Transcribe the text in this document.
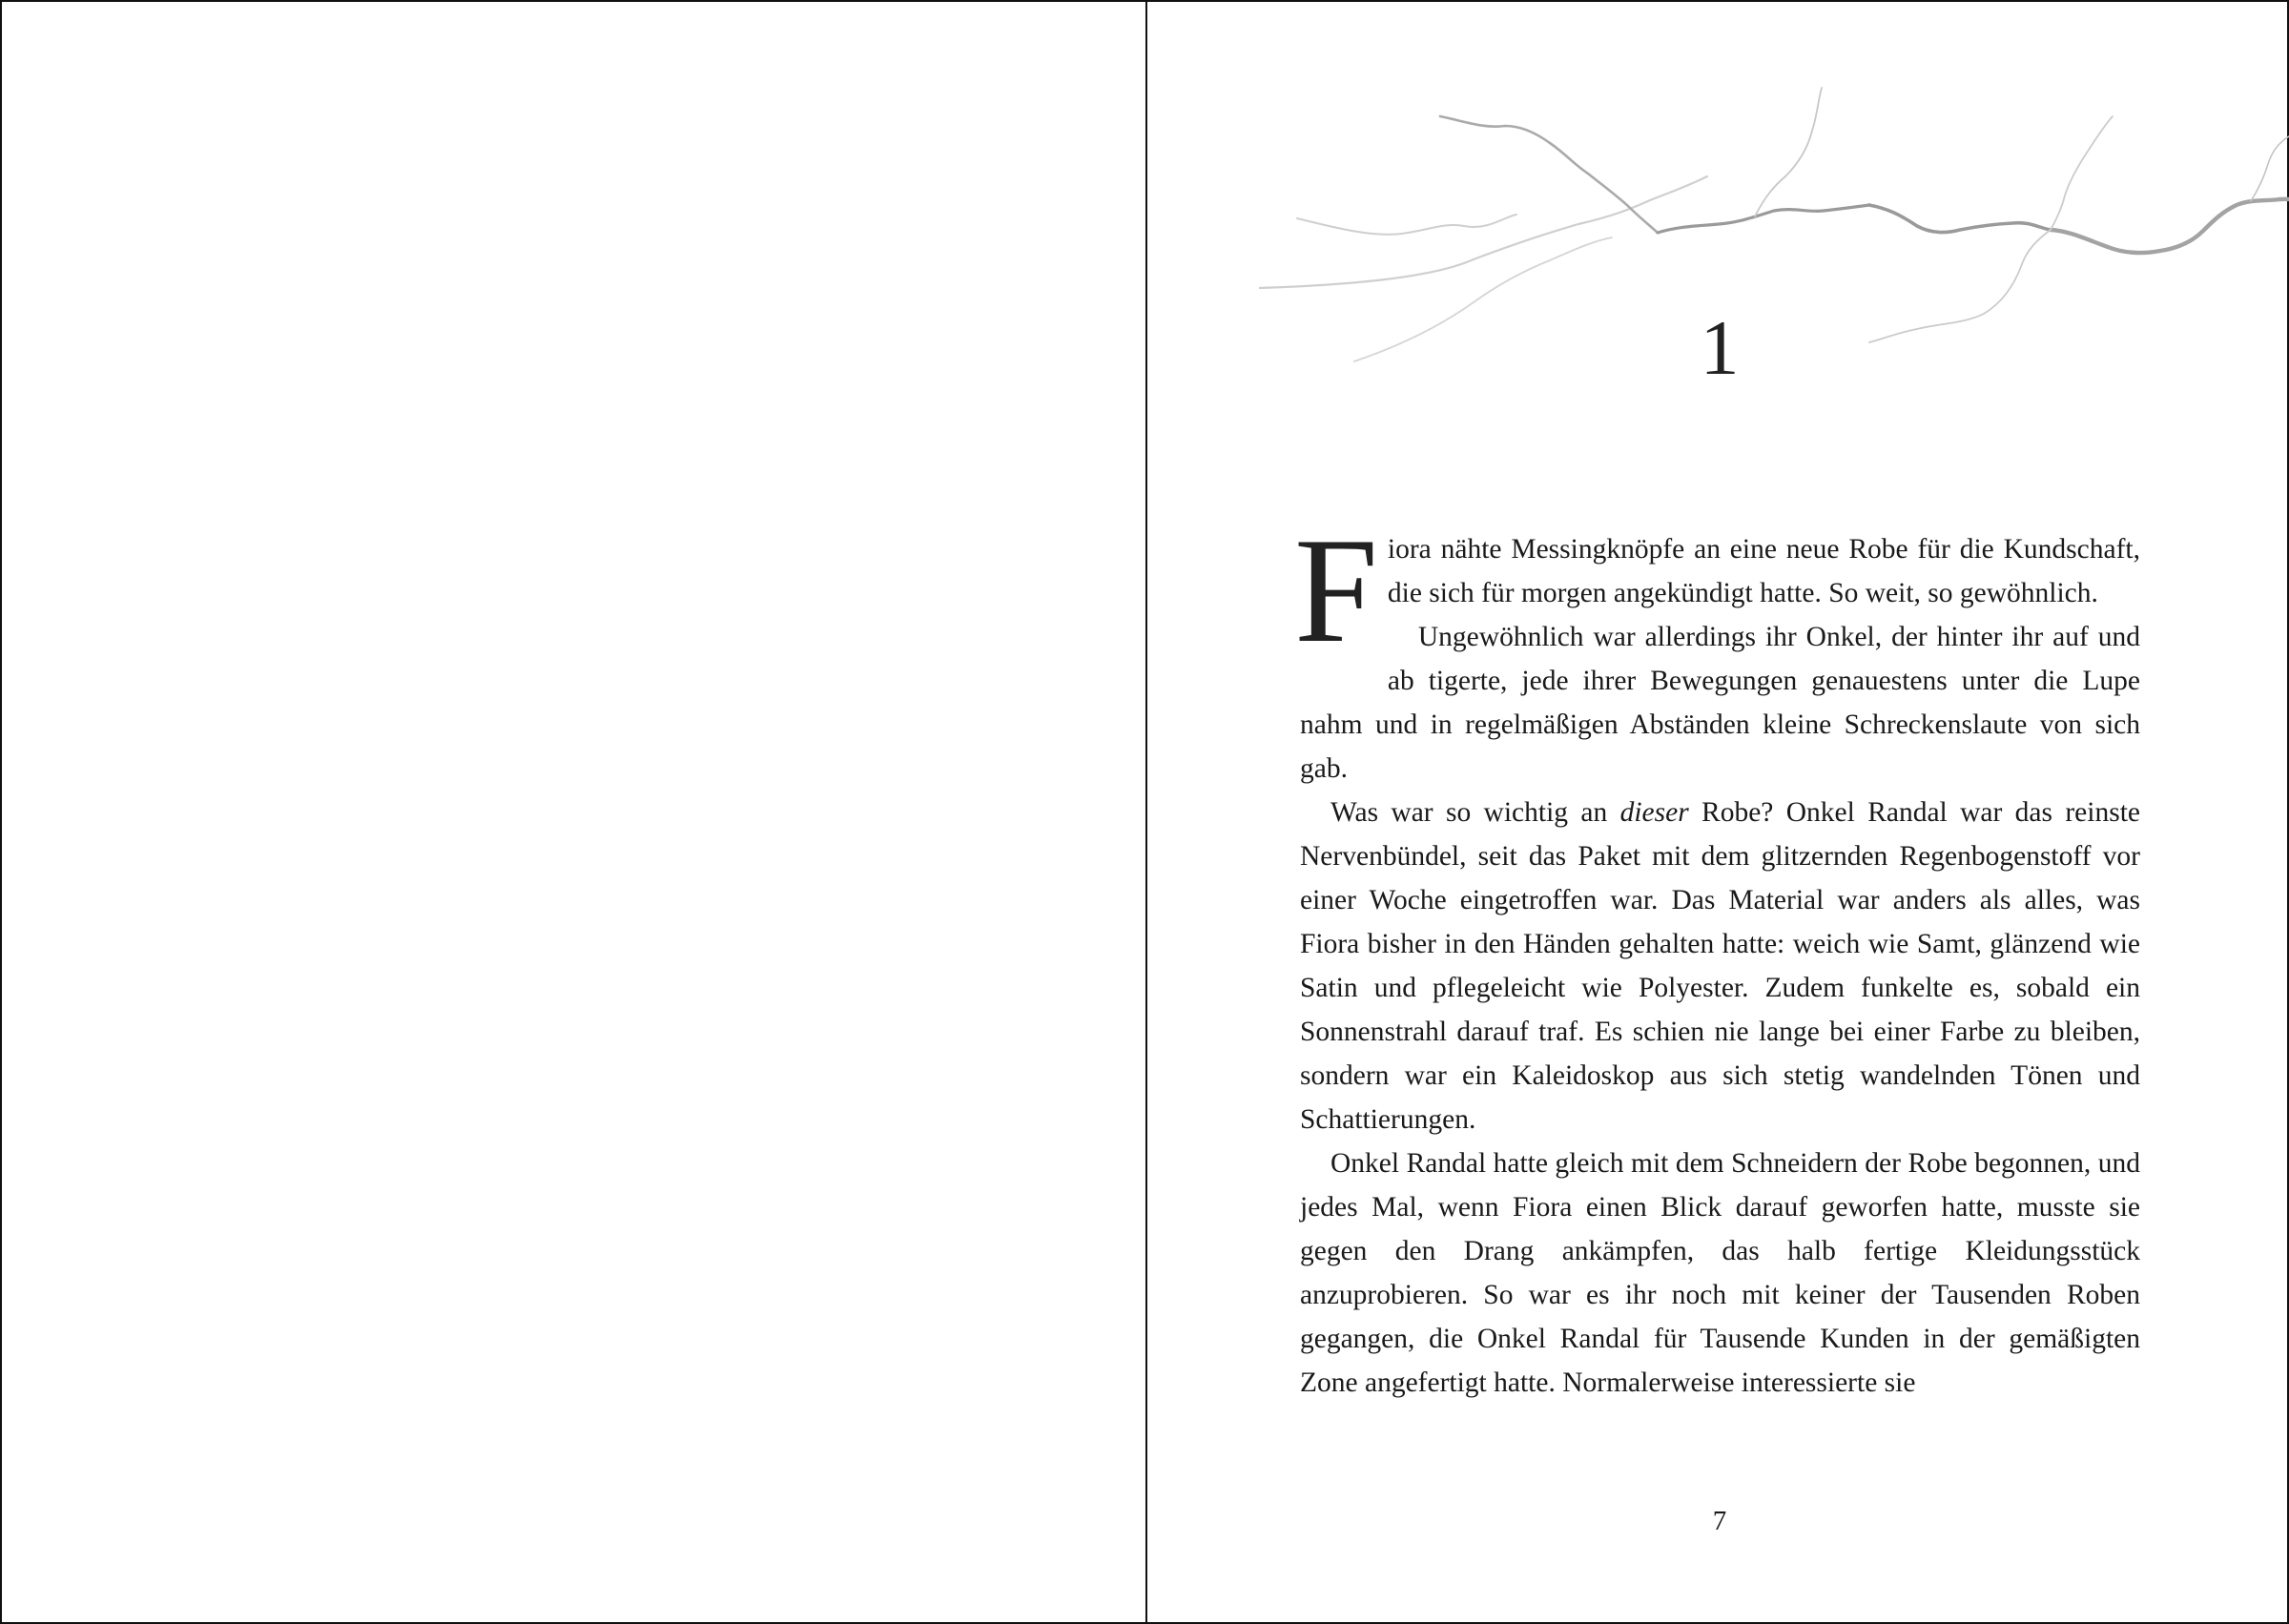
1

Fiora nähte Messingknöpfe an eine neue Robe für die Kundschaft, die sich für morgen angekündigt hatte. So weit, so gewöhnlich.

Ungewöhnlich war allerdings ihr Onkel, der hinter ihr auf und ab tigerte, jede ihrer Bewegungen genauestens unter die Lupe nahm und in regelmäßigen Abständen kleine Schreckenslaute von sich gab.

Was war so wichtig an dieser Robe? Onkel Randal war das reinste Nervenbündel, seit das Paket mit dem glitzernden Regenbogenstoff vor einer Woche eingetroffen war. Das Material war anders als alles, was Fiora bisher in den Händen gehalten hatte: weich wie Samt, glänzend wie Satin und pflegeleicht wie Polyester. Zudem funkelte es, sobald ein Sonnenstrahl darauf traf. Es schien nie lange bei einer Farbe zu bleiben, sondern war ein Kaleidoskop aus sich stetig wandelnden Tönen und Schattierungen.

Onkel Randal hatte gleich mit dem Schneidern der Robe begonnen, und jedes Mal, wenn Fiora einen Blick darauf geworfen hatte, musste sie gegen den Drang ankämpfen, das halb fertige Kleidungsstück anzuprobieren. So war es ihr noch mit keiner der Tausenden Roben gegangen, die Onkel Randal für Tausende Kunden in der gemäßigten Zone angefertigt hatte. Normalerweise interessierte sie

7
